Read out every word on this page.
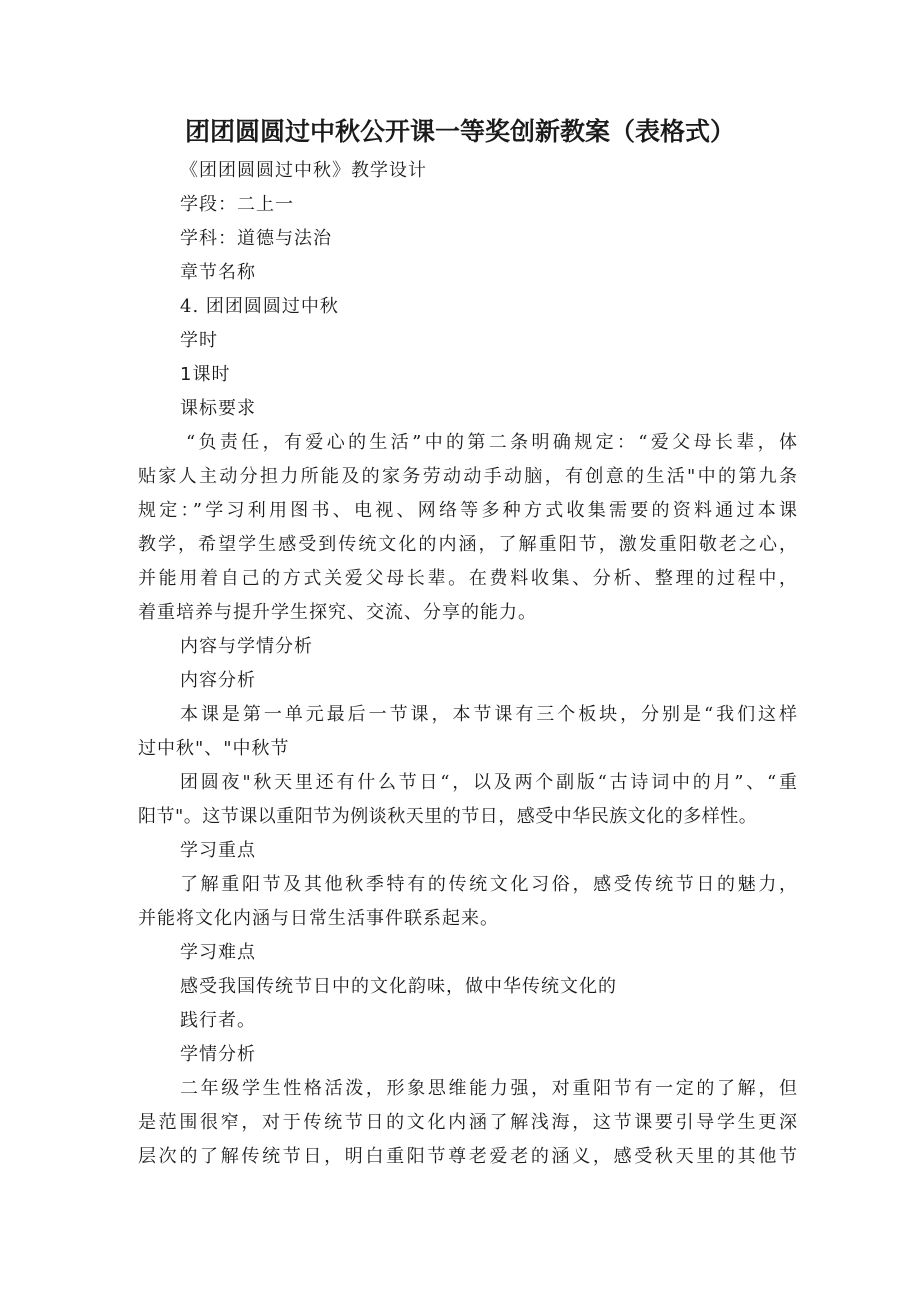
团团圆圆过中秋公开课一等奖创新教案（表格式）
《团团圆圆过中秋》教学设计
学段：二上一
学科：道德与法治
章节名称
4. 团团圆圆过中秋
学时
1课时
课标要求
“负责任，有爱心的生活”中的第二条明确规定：“爱父母长辈，体
贴家人主动分担力所能及的家务劳动动手动脑，有创意的生活"中的第九条
规定：”学习利用图书、电视、网络等多种方式收集需要的资料通过本课
教学，希望学生感受到传统文化的内涵，了解重阳节，激发重阳敬老之心，
并能用着自己的方式关爱父母长辈。在费料收集、分析、整理的过程中，
着重培养与提升学生探究、交流、分享的能力。
内容与学情分析
内容分析
本课是第一单元最后一节课，本节课有三个板块，分别是“我们这样
过中秋"、"中秋节
团圆夜"秋天里还有什么节日“，以及两个副版“古诗词中的月”、“重
阳节"。这节课以重阳节为例谈秋天里的节日，感受中华民族文化的多样性。
学习重点
了解重阳节及其他秋季特有的传统文化习俗，感受传统节日的魅力，
并能将文化内涵与日常生活事件联系起来。
学习难点
感受我国传统节日中的文化韵味，做中华传统文化的
践行者。
学情分析
二年级学生性格活泼，形象思维能力强，对重阳节有一定的了解，但
是范围很窄，对于传统节日的文化内涵了解浅海，这节课要引导学生更深
层次的了解传统节日，明白重阳节尊老爱老的涵义，感受秋天里的其他节
